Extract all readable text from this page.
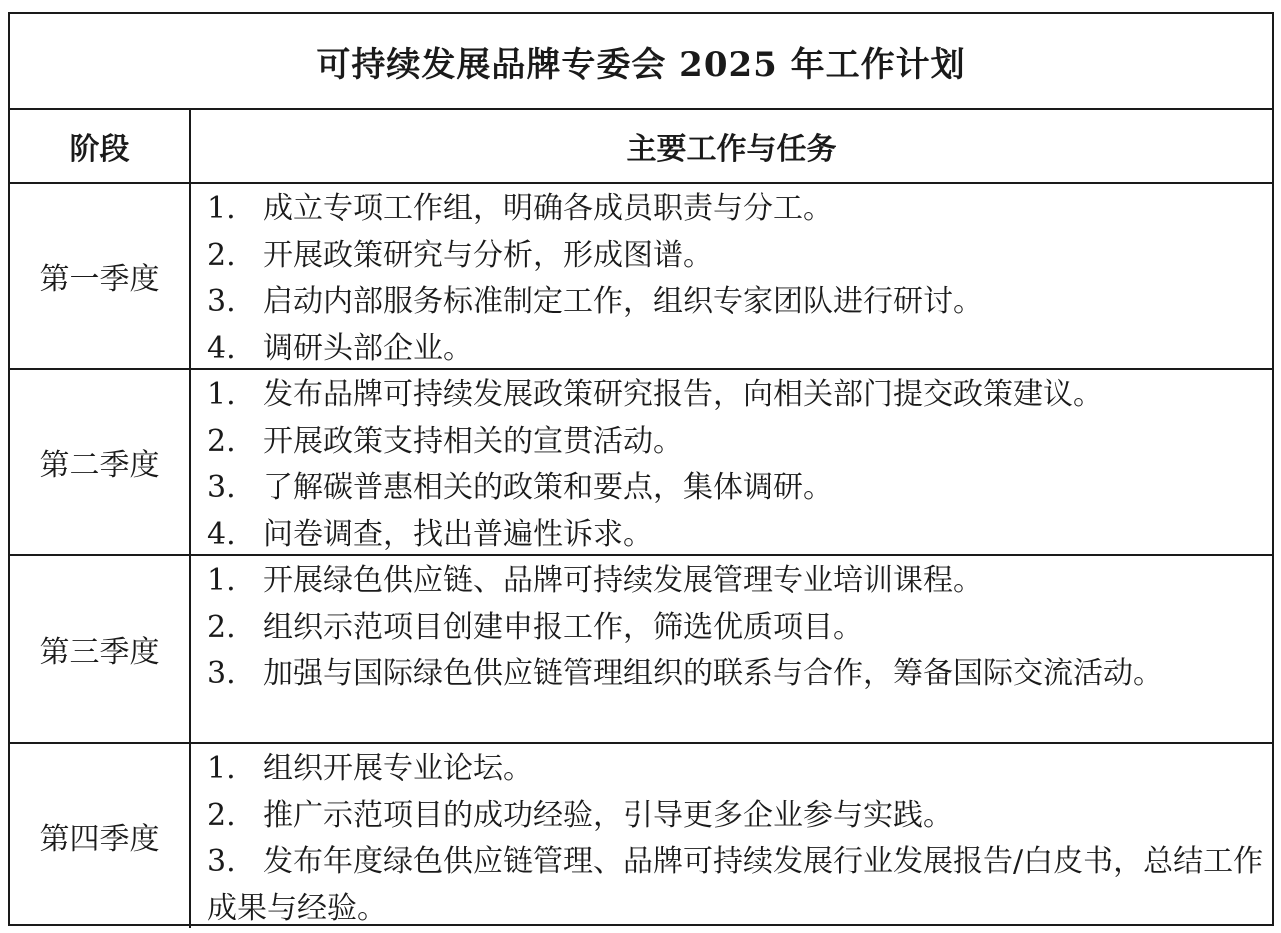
可持续发展品牌专委会 2025 年工作计划
阶段	主要工作与任务
第一季度
1. 成立专项工作组，明确各成员职责与分工。
2. 开展政策研究与分析，形成图谱。
3. 启动内部服务标准制定工作，组织专家团队进行研讨。
4. 调研头部企业。
第二季度
1. 发布品牌可持续发展政策研究报告，向相关部门提交政策建议。
2. 开展政策支持相关的宣贯活动。
3. 了解碳普惠相关的政策和要点，集体调研。
4. 问卷调查，找出普遍性诉求。
第三季度
1. 开展绿色供应链、品牌可持续发展管理专业培训课程。
2. 组织示范项目创建申报工作，筛选优质项目。
3. 加强与国际绿色供应链管理组织的联系与合作，筹备国际交流活动。
第四季度
1. 组织开展专业论坛。
2. 推广示范项目的成功经验，引导更多企业参与实践。
3. 发布年度绿色供应链管理、品牌可持续发展行业发展报告/白皮书，总结工作成果与经验。
